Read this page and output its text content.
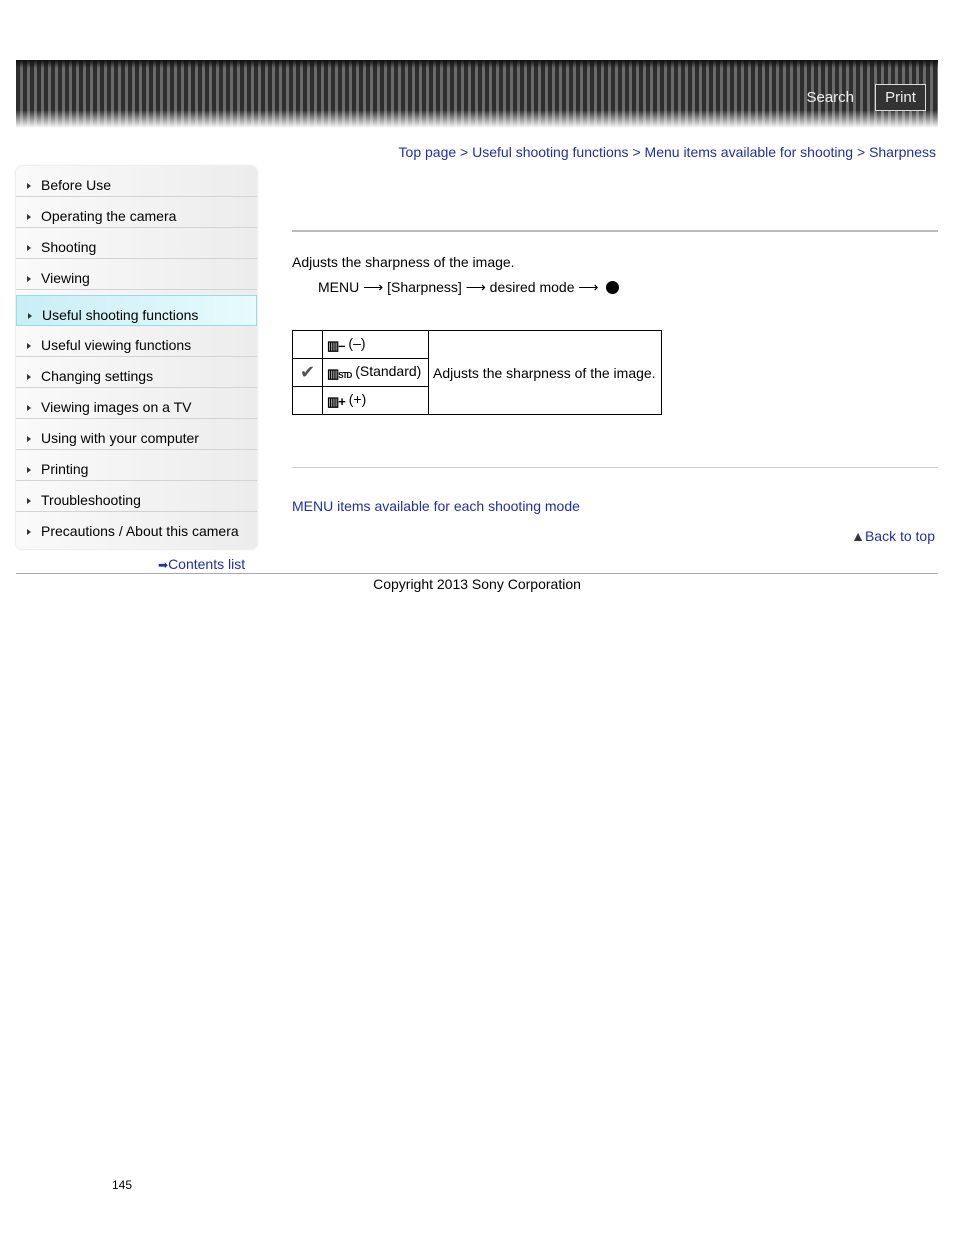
Search	Print
Top page > Useful shooting functions > Menu items available for shooting > Sharpness
Before Use
Operating the camera
Shooting
Viewing
Useful shooting functions
Useful viewing functions
Changing settings
Viewing images on a TV
Using with your computer
Printing
Troubleshooting
Precautions / About this camera
➡Contents list
Adjusts the sharpness of the image.
MENU ⟶ [Sharpness] ⟶ desired mode ⟶
	▥– (–)	Adjusts the sharpness of the image.
✔	▥STD (Standard)	
	▥+ (+)	
MENU items available for each shooting mode
▲Back to top
Copyright 2013 Sony Corporation
145
